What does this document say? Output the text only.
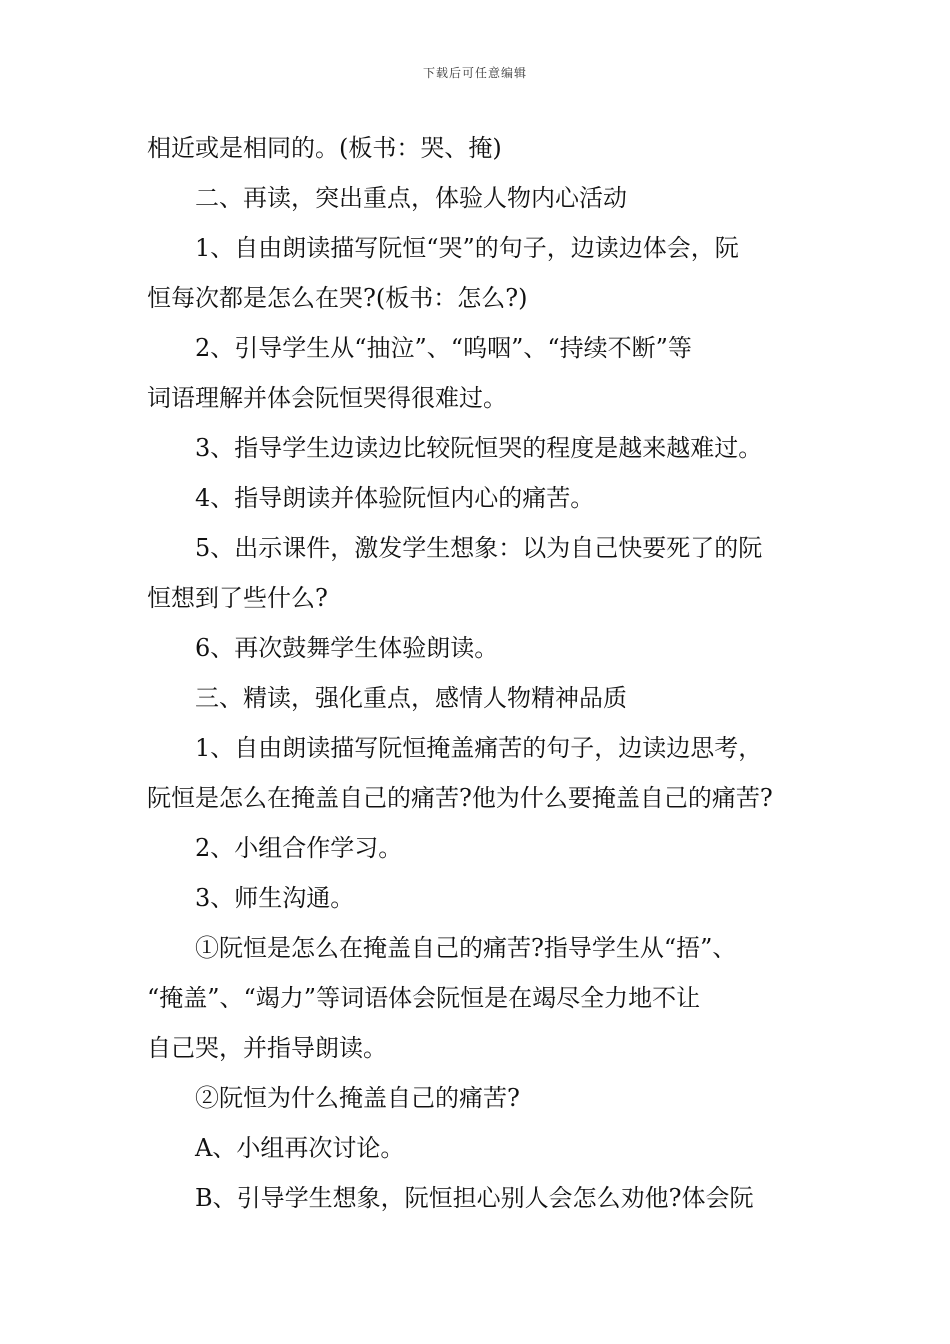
下载后可任意编辑
相近或是相同的。(板书：哭、掩)
二、再读，突出重点，体验人物内心活动
1、自由朗读描写阮恒“哭”的句子，边读边体会，阮
恒每次都是怎么在哭?(板书：怎么?)
2、引导学生从“抽泣”、“呜咽”、“持续不断”等
词语理解并体会阮恒哭得很难过。
3、指导学生边读边比较阮恒哭的程度是越来越难过。
4、指导朗读并体验阮恒内心的痛苦。
5、出示课件，激发学生想象：以为自己快要死了的阮
恒想到了些什么?
6、再次鼓舞学生体验朗读。
三、精读，强化重点，感情人物精神品质
1、自由朗读描写阮恒掩盖痛苦的句子，边读边思考，
阮恒是怎么在掩盖自己的痛苦?他为什么要掩盖自己的痛苦?
2、小组合作学习。
3、师生沟通。
①阮恒是怎么在掩盖自己的痛苦?指导学生从“捂”、
“掩盖”、“竭力”等词语体会阮恒是在竭尽全力地不让
自己哭，并指导朗读。
②阮恒为什么掩盖自己的痛苦?
A、小组再次讨论。
B、引导学生想象，阮恒担心别人会怎么劝他?体会阮
